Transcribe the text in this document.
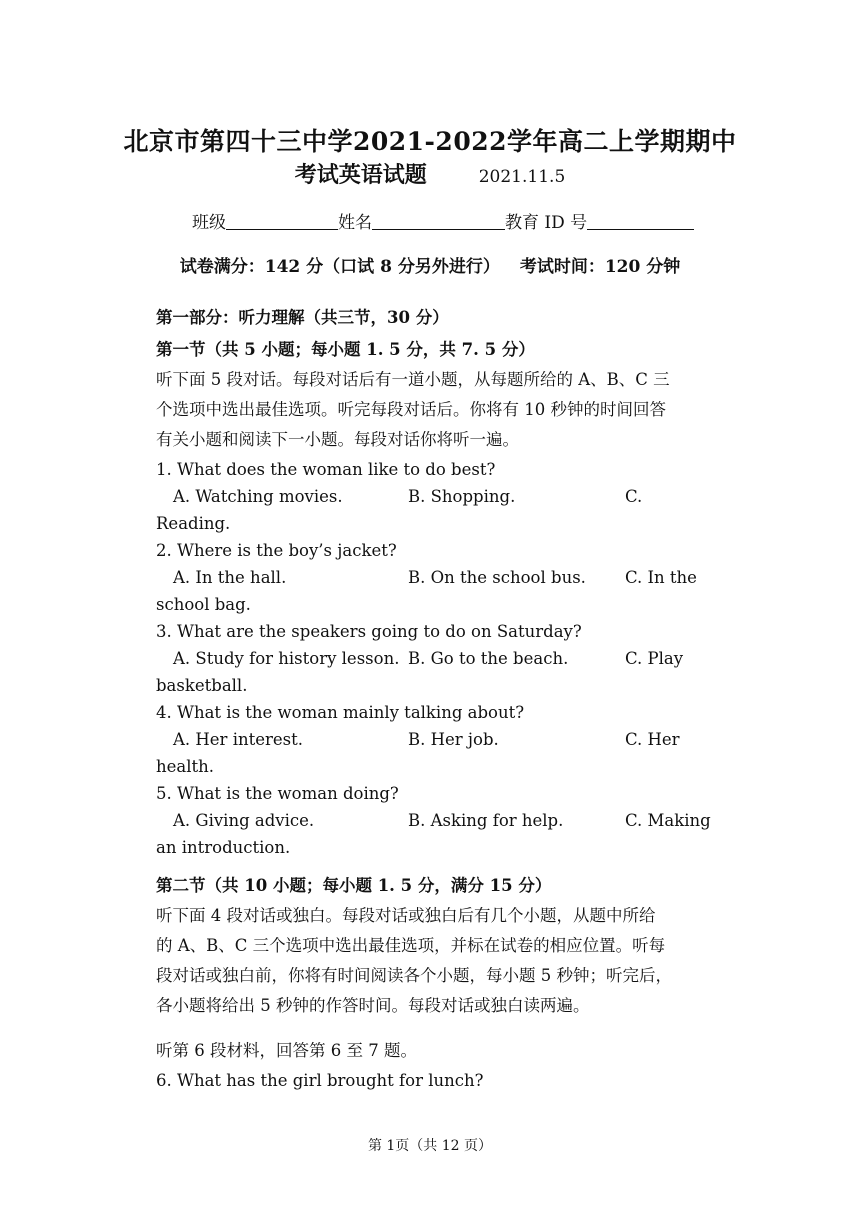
北京市第四十三中学2021-2022学年高二上学期期中
考试英语试题	2021.11.5
班级	姓名	教育 ID 号
试卷满分：142 分（口试 8 分另外进行） 考试时间：120 分钟
第一部分：听力理解（共三节，30 分）
第一节（共 5 小题；每小题 1. 5 分，共 7. 5 分）
听下面 5 段对话。每段对话后有一道小题，从每题所给的 A、B、C 三
个选项中选出最佳选项。听完每段对话后。你将有 10 秒钟的时间回答
有关小题和阅读下一小题。每段对话你将听一遍。
1. What does the woman like to do best?
A. Watching movies.	B. Shopping.	C.
Reading.
2. Where is the boy’s jacket?
A. In the hall.	B. On the school bus. C. In the
school bag.
3. What are the speakers going to do on Saturday?
A. Study for history lesson. B. Go to the beach.	C. Play
basketball.
4. What is the woman mainly talking about?
A. Her interest.	B. Her job.	C. Her
health.
5. What is the woman doing?
A. Giving advice.	B. Asking for help.	C. Making
an introduction.
第二节（共 10 小题；每小题 1. 5 分，满分 15 分）
听下面 4 段对话或独白。每段对话或独白后有几个小题，从题中所给
的 A、B、C 三个选项中选出最佳选项，并标在试卷的相应位置。听每
段对话或独白前，你将有时间阅读各个小题，每小题 5 秒钟；听完后，
各小题将给出 5 秒钟的作答时间。每段对话或独白读两遍。
听第 6 段材料，回答第 6 至 7 题。
6. What has the girl brought for lunch?
第 1页（共 12 页）
